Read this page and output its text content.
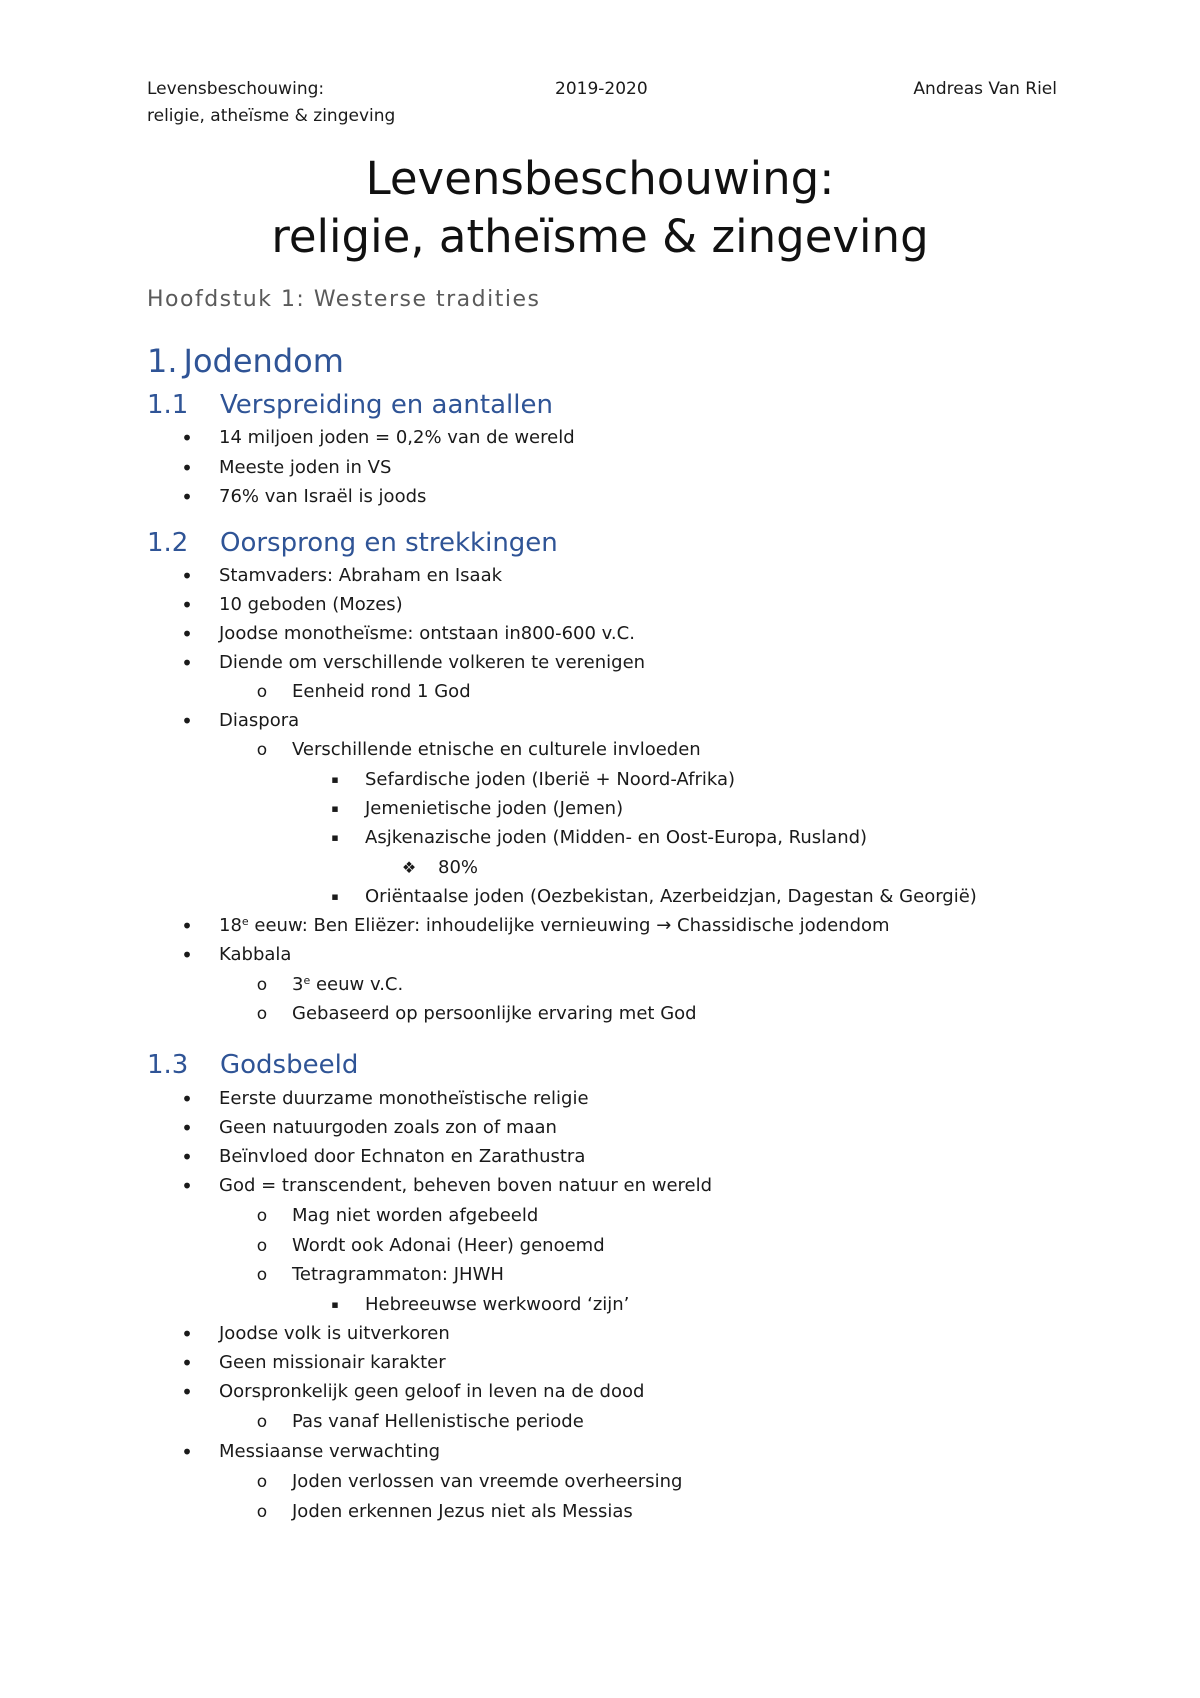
Levensbeschouwing:
religie, atheïsme & zingeving
2019-2020	Andreas Van Riel
Levensbeschouwing:
religie, atheïsme & zingeving
Hoofdstuk 1: Westerse tradities
1. Jodendom
1.1 Verspreiding en aantallen
• 14 miljoen joden = 0,2% van de wereld
• Meeste joden in VS
• 76% van Israël is joods
1.2 Oorsprong en strekkingen
• Stamvaders: Abraham en Isaak
• 10 geboden (Mozes)
• Joodse monotheïsme: ontstaan in800-600 v.C.
• Diende om verschillende volkeren te verenigen
o Eenheid rond 1 God
• Diaspora
o Verschillende etnische en culturele invloeden
▪	Sefardische joden (Iberië + Noord-Afrika)
▪	Jemenietische joden (Jemen)
▪	Asjkenazische joden (Midden- en Oost-Europa, Rusland)
❖ 80%
▪	Oriëntaalse joden (Oezbekistan, Azerbeidzjan, Dagestan & Georgië)
• 18e eeuw: Ben Eliëzer: inhoudelijke vernieuwing → Chassidische jodendom
• Kabbala
o 3e eeuw v.C.
o Gebaseerd op persoonlijke ervaring met God
1.3 Godsbeeld
• Eerste duurzame monotheïstische religie
• Geen natuurgoden zoals zon of maan
• Beïnvloed door Echnaton en Zarathustra
• God = transcendent, beheven boven natuur en wereld
o Mag niet worden afgebeeld
o Wordt ook Adonai (Heer) genoemd
o Tetragrammaton: JHWH
▪	Hebreeuwse werkwoord ‘zijn’
• Joodse volk is uitverkoren
• Geen missionair karakter
• Oorspronkelijk geen geloof in leven na de dood
o Pas vanaf Hellenistische periode
• Messiaanse verwachting
o Joden verlossen van vreemde overheersing
o Joden erkennen Jezus niet als Messias
